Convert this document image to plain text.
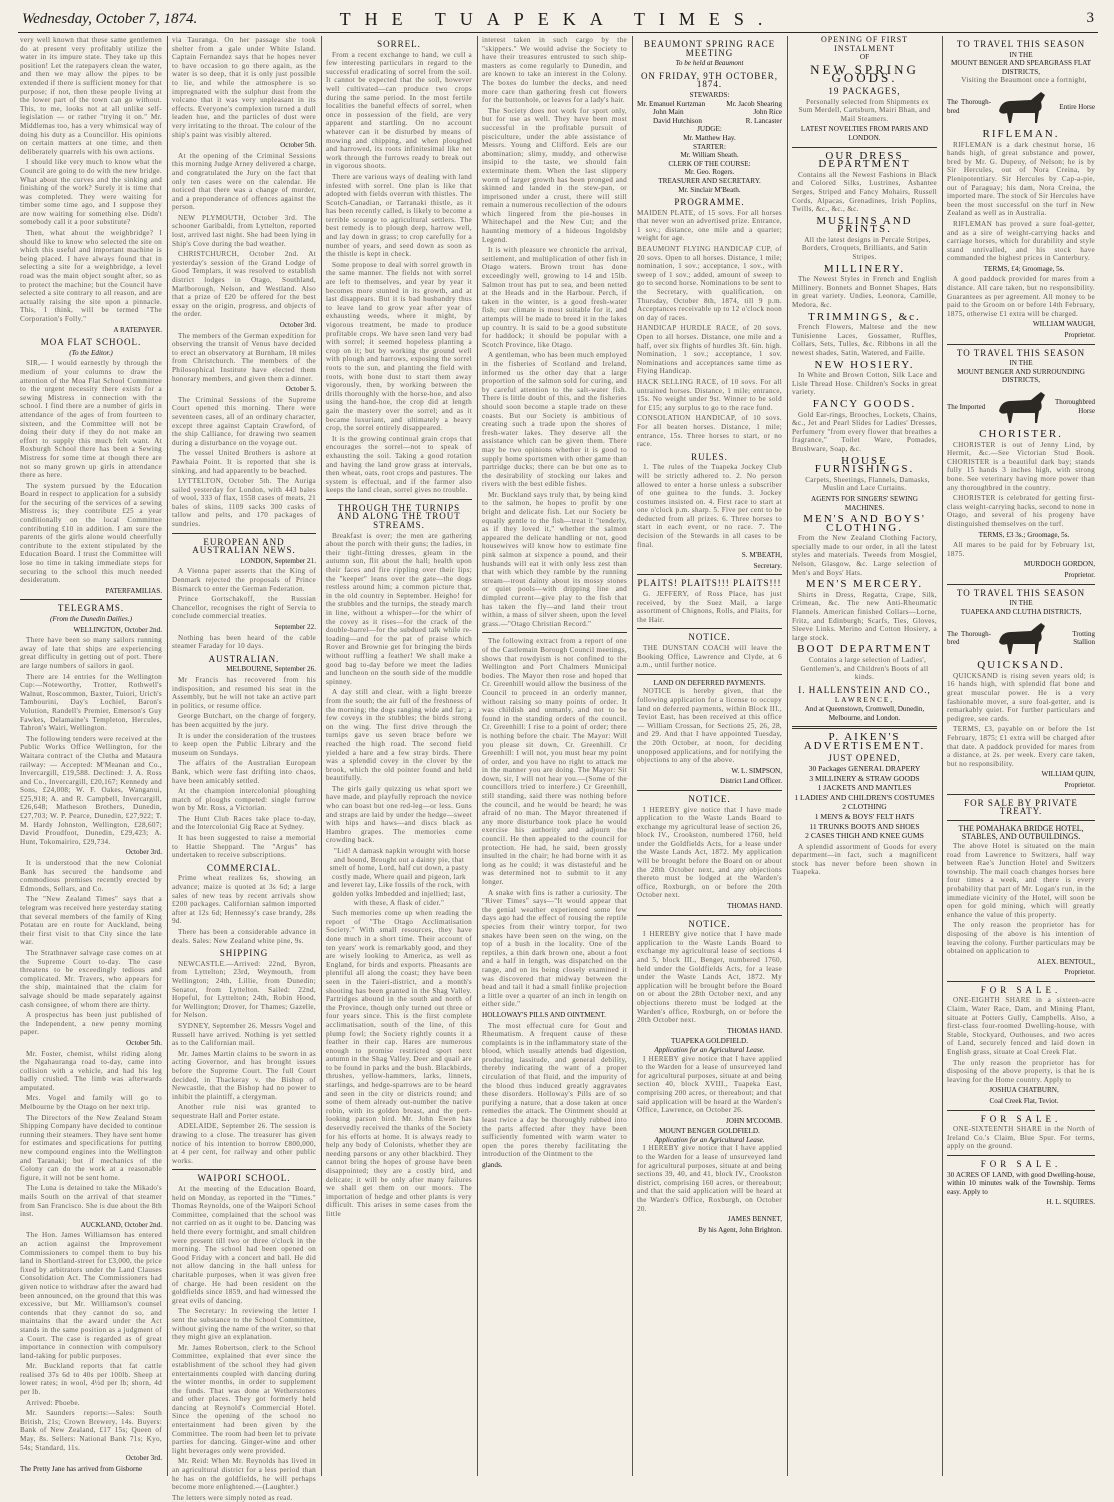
Wednesday, October 7, 1874.	THE TUAPEKA TIMES.	3

very well known that these same gentlemen do at present very profitably utilize the water in its impure state. They take up this position! Let the ratepayers clean the water, and then we may allow the pipes to be extended if there is sufficient money for that purpose; if not, then these people living at the lower part of the town can go without. This, to me, looks not at all unlike self-legislation — or rather "trying it on." Mr. Middlemas too, has a very whimsical way of doing his duty as a Councillor. His opinions on certain matters at one time, and then deliberately quarrels with his own actions.

I should like very much to know what the Council are going to do with the new bridge. What about the curves and the sinking and finishing of the work? Surely it is time that was completed. They were waiting for timber some time ago, and I suppose they are now waiting for something else. Didn't somebody call it a poor substitute?

Then, what about the weighbridge? I should like to know who selected the site on which this useful and important machine is being placed. I have always found that in selecting a site for a weighbridge, a level road was the main object sought after, so as to protect the machine; but the Council have selected a site contrary to all reason, and are actually raising the site upon a pinnacle. This, I think, will be termed "The Corporation's Folly."

A RATEPAYER.

MOA FLAT SCHOOL.
(To the Editor.)

SIR,— I would earnestly by through the medium of your columns to draw the attention of the Moa Flat School Committee to the urgent necessity there exists for a sewing Mistress in connection with the school. I find there are a number of girls in attendance of the ages of from fourteen to sixteen, and the Committee will not be doing their duty if they do not make an effort to supply this much felt want. At Roxburgh School there has been a Sewing Mistress for some time at though there are not so many grown up girls in attendance there as here.

The system pursued by the Education Board in respect to application for a subsidy for the securing of the services of a sewing Mistress is; they contribute £25 a year conditionally on the local Committee contributing £10 in addition. I am sure the parents of the girls alone would cheerfully contribute to the extent stipulated by the Education Board. I trust the Committee will lose no time in taking immediate steps for securing to the school this much needed desideratum.

PATERFAMILIAS.

TELEGRAMS.
(From the Dunedin Dailies.)

WELLINGTON, October 2nd.

There have been so many sailors running away of late that ships are experiencing great difficulty in getting out of port. There are large numbers of sailors in gaol.

There are 14 entries for the Wellington Cup:—Noteworthy, Trotter, Rothwell's Walnut, Roscommon, Baxter, Tuiori, Urich's Tambourini, Day's Lochiel, Baron's Volution, Randell's Premier, Emerson's Guy Fawkes, Delamaine's Templeton, Hercules, Tabron's Wairi, Wellington.

The following tenders were received at the Public Works Office Wellington, for the Waitara contract of the Clutha and Mataura railway: — Accepted: M'Meanan and Co., Invercargill, £19,588. Declined: J. A. Ross and Co., Invercargill, £20,167; Kennedy and Sons, £24,008; W. F. Oakes, Wanganui, £25,918; A. and R. Campbell, Invercargill, £26,648; Matheson Brothers, Dunedin, £27,703; W. P. Pearce, Dunedin, £27,922; T. M. Hardy Johnston, Wellington, £28,607; David Proudfoot, Dunedin, £29,423; A. Hunt, Tokomairiro, £29,734.

October 3rd.

It is understood that the new Colonial Bank has secured the handsome and commodious premises recently erected by Edmonds, Sellars, and Co.

The "New Zealand Times" says that a telegram was received here yesterday stating that several members of the family of King Potatau are en route for Auckland, being their first visit to that City since the late war.

The Strathnaver salvage case comes on at the Supreme Court to-day. The case threatens to be exceedingly tedious and complicated. Mr. Travers, who appears for the ship, maintained that the claim for salvage should be made separately against cash consignee, of whom there are thirty.

A prospectus has been just published of the Independent, a new penny morning paper.

October 5th.

Mr. Foster, chemist, whilst riding along the Ngahauranga road to-day, came into collision with a vehicle, and had his leg badly crushed. The limb was afterwards amputated.

Mrs. Vogel and family will go to Melbourne by the Otago on her next trip.

The Directors of the New Zealand Steam Shipping Company have decided to continue running their steamers. They have sent home for estimates and specifications for putting new compound engines into the Wellington and Taranaki; but if mechanics of the Colony can do the work at a reasonable figure, it will not be sent home.

The Luna is detained to take the Mikado's mails South on the arrival of that steamer from San Francisco. She is due about the 8th inst.

AUCKLAND, October 2nd.

The Hon. James Williamson has entered an action against the Improvement Commissioners to compel them to buy his land in Shortland-street for £3,000, the price fixed by arbitrators under the Land Clauses Consolidation Act. The Commissioners had given notice to withdraw after the award had been announced, on the ground that this was excessive, but Mr. Williamson's counsel contends that they cannot do so, and maintains that the award under the Act stands in the same position as a judgment of a Court. The case is regarded as of great importance in connection with compulsory land-taking for public purposes.

Mr. Buckland reports that fat cattle realised 37s 6d to 40s per 100lb. Sheep at lower rates; in wool, 4½d per lb; shorn, 4d per lb.

Arrived: Phoebe.

Mr. Saunders reports:—Sales: South British, 21s; Crown Brewery, 14s. Buyers: Bank of New Zealand, £17 15s; Queen of May, 8s. Sellers: National Bank 71s; Kyo, 54s; Standard, 11s.

October 3rd.

The Pretty Jane has arrived from Gisborne

via Tauranga. On her passage she took shelter from a gale under White Island. Captain Fernandez says that he hopes never to have occasion to go there again, as the water is so deep, that it is only just possible to lie, and while the atmosphere is so impregnated with the sulphur dust from the volcano that it was very unpleasant in its effects. Everyone's complexion turned a dull leaden hue, and the particles of dust were very irritating to the throat. The colour of the ship's paint was visibly altered.

October 5th.

At the opening of the Criminal Sessions this morning Judge Arney delivered a charge, and congratulated the Jury on the fact that only ten cases were on the calendar. He noticed that there was a change of murder, and a preponderance of offences against the person.

NEW PLYMOUTH, October 3rd. The schooner Garibaldi, from Lyttelton, reported lost, arrived last night. She had been lying in Ship's Cove during the bad weather.

CHRISTCHURCH, October 2nd. At yesterday's session of the Grand Lodge of Good Templars, it was resolved to establish district lodges in Otago, Southland, Marlborough, Nelson, and Westland. Also that a prize of £20 be offered for the best essay on the origin, progress, and objects of the order.

October 3rd.

The members of the German expedition for observing the transit of Venus have decided to erect an observatory at Burnham, 18 miles from Christchurch. The members of the Philosophical Institute have elected them honorary members, and given them a dinner.

October 5.

The Criminal Sessions of the Supreme Court opened this morning. There were seventeen cases, all of an ordinary character, except three against Captain Crawford, of the ship Calliance, for drawing two seamen during a disturbance on the voyage out.

The vessel United Brothers is ashore at Pawhaia Point. It is reported that she is sinking, and had apparently to be beached.

LYTTELTON, October 5th. The Auriga sailed yesterday for London, with 443 bales of wool, 333 of flax, 1558 cases of meats, 21 bales of skins, 1109 sacks 300 casks of tallow and pelts, and 170 packages of sundries.

EUROPEAN AND AUSTRALIAN NEWS.

LONDON, September 21.

A Vienna paper asserts that the King of Denmark rejected the proposals of Prince Bismarck to enter the German Federation.

Prince Gortschakoff, the Russian Chancellor, recognises the right of Servia to conclude commercial treaties.

September 22.

Nothing has been heard of the cable steamer Faraday for 10 days.

AUSTRALIAN.

MELBOURNE, September 26.

Mr Francis has recovered from his indisposition, and resumed his seat in the Assembly, but he will not take an active part in politics, or resume office.

George Butchart, on the charge of forgery, has been acquitted by the jury.

It is under the consideration of the trustees to keep open the Public Library and the museum on Sundays.

The affairs of the Australian European Bank, which were fast drifting into chaos, have been amicably settled.

At the champion intercolonial ploughing match of ploughs competed: single furrow won by Mr. Ross, a Victorian.

The Hunt Club Races take place to-day, and the Intercolonial Gig Race at Sydney.

It has been suggested to raise a memorial to Hattie Sheppard. The "Argus" has undertaken to receive subscriptions.

COMMERCIAL.

Prime wheat realizes 6s, showing an advance; maize is quoted at 3s 6d; a large sales of new teas by recent arrivals show £200 packages. Californian salmon imported after at 12s 6d; Hennessy's case brandy, 28s 9d.

There has been a considerable advance in deals. Sales: New Zealand white pine, 9s.

SHIPPING

NEWCASTLE.—Arrived: 22nd, Byron, from Lyttelton; 23rd, Weymouth, from Wellington; 24th, Lillie, from Dunedin; Senator, from Lyttelton. Sailed: 22nd, Hopeful, for Lyttelton; 24th, Robin Hood, for Wellington; Drover, for Thames; Gazelle, for Nelson.

SYDNEY, September 26. Messrs Vogel and Russell have arrived. Nothing is yet settled as to the Californian mail.

Mr. James Martin claims to be sworn in as acting Governor, and has brought issues before the Supreme Court. The full Court decided, in Thackeray v. the Bishop of Newcastle, that the Bishop had no power to inhibit the plaintiff, a clergyman.

Another rule nisi was granted to sequestrate Hall and Porter estate.

ADELAIDE, September 26. The session is drawing to a close. The treasurer has given notice of his intention to borrow £800,000, at 4 per cent, for railway and other public works.

WAIPORI SCHOOL.

At the meeting of the Education Board, held on Monday, as reported in the "Times." Thomas Reynolds, one of the Waipori School Committee, complained that the school was not carried on as it ought to be. Dancing was held there every fortnight, and small children were present till two or three o'clock in the morning. The school had been opened on Good Friday with a concert and ball. He did not allow dancing in the hall unless for charitable purposes, when it was given free of charge. He had been resident on the goldfields since 1859, and had witnessed the great evils of dancing.

The Secretary: In reviewing the letter I sent the substance to the School Committee, without giving the name of the writer, so that they might give an explanation.

Mr. James Robertson, clerk to the School Committee, explained that ever since the establishment of the school they had given entertainments coupled with dancing during the winter months, in order to supplement the funds. That was done at Wetherstones and other places. They got formerly held dancing at Reynold's Commercial Hotel. Since the opening of the school no entertainment had been given by the Committee. The room had been let to private parties for dancing. Ginger-wine and other light beverages only were provided.

Mr. Reid: When Mr. Reynolds has lived in an agricultural district for a less period than he has on the goldfields, he will perhaps become more enlightened.—(Laughter.)

The letters were simply noted as read.

SORREL.

From a recent exchange to hand, we cull a few interesting particulars in regard to the successful eradicating of sorrel from the soil. It cannot be expected that the soil, however well cultivated—can produce two crops during the same period. In the most fertile localities the baneful effects of sorrel, when once in possession of the field, are very apparent and startling. On no account whatever can it be disturbed by means of mowing and chipping, and when ploughed and harrowed, its roots infinitesimal like net work through the furrows ready to break out in vigorous shoots.

There are various ways of dealing with land infested with sorrel. One plan is like that adopted with fields overrun with thistles. The Scotch-Canadian, or Tarranaki thistle, as it has been recently called, is likely to become a terrible scourge to agricultural settlers. The best remedy is to plough deep, harrow well, and lay down in grass; to crop carefully for a number of years, and seed down as soon as the thistle is kept in check.

Some propose to deal with sorrel growth in the same manner. The fields not with sorrel are left to themselves, and year by year it becomes more stunted in its growth, and at last disappears. But it is bad husbandry thus to leave land to grow year after year of exhausting weeds, where it might, by vigorous treatment, be made to produce profitable crops. We have seen land very bad with sorrel; it seemed hopeless planting a crop on it; but by working the ground well with plough and harrows, exposing the sorrel roots to the sun, and planting the field with roots, with bone dust to start them away vigorously, then, by working between the drills thoroughly with the horse-hoe, and also using the hand-hoe, the crop did at length gain the mastery over the sorrel; and as it became luxuriant, and ultimately a heavy crop, the sorrel entirely disappeared.

It is the growing continual grain crops that encourages the sorrel—not to speak of exhausting the soil. Taking a good rotation and having the land grow grass at intervals, then wheat, oats, root crops and pastures. The system is effectual, and if the farmer also keeps the land clean, sorrel gives no trouble.

THROUGH THE TURNIPS AND ALONG THE TROUT STREAMS.

Breakfast is over; the men are gathering about the porch with their guns; the ladies, in their tight-fitting dresses, gleam in the autumn sun, flit about the hall; health upon their faces and fire rippling over their lips; the "keeper" leans over the gate—the dogs restless around him; a common picture that, in the old country in September. Heigho! for the stubbles and the turnips, the steady march in line, without a whisper—for the whirr of the covey as it rises—for the crack of the double-barrel—for the subdued talk while re-loading—and for the pat of praise which Rover and Brownie get for bringing the birds without ruffling a feather! We shall make a good bag to-day before we meet the ladies and luncheon on the south side of the muddle spinney.

A day still and clear, with a light breeze from the south; the air full of the freshness of the morning; the dogs ranging wide and far; a few coveys in the stubbles; the birds strong on the wing. The first drive through the turnips gave us seven brace before we reached the high road. The second field yielded a hare and a few stray birds. There was a splendid covey in the clover by the brook, which the old pointer found and held beautifully.

The girls gaily quizzing us what sport we have made, and playfully reproach the novice who can boast but one red-leg—or less. Guns and straps are laid by under the hedge—sweet with hips and haws—and discs black as Hambro grapes. The memories come crowding back.

"Lid! A damask napkin wrought with horse and hound, Brought out a dainty pie, that smelt of home, Lord, half cut down, a pasty costly made, Where quail and pigeon, lark and leveret lay, Like fossils of the rock, with golden yolks Imbedded and injellied; last, with these, A flask of cider."

Such memories come up when reading the report of "The Otago Acclimatisation Society." With small resources, they have done much in a short time. Their account of ten years' work is remarkably good, and they are wisely looking to America, as well as England, for birds and exports. Pheasants are plentiful all along the coast; they have been seen in the Taieri-district, and a month's shooting has been granted in the Shag Valley. Partridges abound in the south and north of the Province, though only turned out three or four years since. This is the first complete acclimatisation, south of the line, of this plump fowl; the Society rightly counts it a feather in their cap. Hares are numerous enough to promise restricted sport next autumn in the Shag Valley. Deer and quail are to be found in parks and the bush. Blackbirds, thrushes, yellow-hammers, larks, linnets, starlings, and hedge-sparrows are to be heard and seen in the city or districts round; and some of them already out-number the native robin, with its golden breast, and the pert-looking parson bird. Mr. John Ewen has deservedly received the thanks of the Society for his efforts at home. It is always ready to help any body of Colonists, whether they are needing parsons or any other blackbird. They cannot bring the hopes of grouse have been disappointed; they are a costly bird, and delicate; it will be only after many failures we shall get them on our moors. The importation of hedge and other plants is very difficult. This arises in some cases from the little

interest taken in such cargo by the "skippers." We would advise the Society to have their treasures entrusted to such ship-masters as come regularly to Dunedin, and are known to take an interest in the Colony. The boxes do lumber the decks, and need more care than gathering fresh cut flowers for the buttonhole, or leaves for a lady's hair.

The Society does not work for sport only, but for use as well. They have been most successful in the profitable pursuit of pisciculture, under the able assistance of Messrs. Young and Clifford. Eels are our abomination; slimy, muddy, and otherwise insipid to the taste, we should fain exterminate them. When the last slippery worm of larger growth has been pronged and skinned and landed in the stew-pan, or imprisoned under a crust, there will still remain a numerous recollection of the odours which lingered from the pie-houses in Whitechapel and the New Cut; and the haunting memory of a hideous Ingoldsby Legend.

It is with pleasure we chronicle the arrival, settlement, and multiplication of other fish in Otago waters. Brown trout has done exceedingly well, growing to 14 and 15lb. Salmon trout has put to sea, and been netted at the Heads and in the Harbour. Perch, if taken in the winter, is a good fresh-water fish; our climate is most suitable for it, and attempts will be made to breed it in the lakes up country. It is said to be a good substitute for haddock; it should be popular with a Scotch Province, like Otago.

A gentleman, who has been much employed in the fisheries of Scotland and Ireland, informed us the other day that a large proportion of the salmon sold for curing, and by careful attention to the salt-water fish. There is little doubt of this, and the fisheries should soon become a staple trade on these coasts. But our Society is ambitious of creating such a trade upon the shores of fresh-water lakes. They deserve all the assistance which can be given them. There may be two opinions whether it is good to supply home sportsmen with other game than partridge ducks; there can be but one as to the desirability of stocking our lakes and rivers with the best edible fishes.

Mr. Buckland says truly that, by being kind to the salmon, he hopes to profit by one bright and delicate fish. Let our Society be equally gentle to the fish—treat it "tenderly, as if they loved it," whether the salmon appeared the delicate handling or not, good housewives will know how to estimate fine pink salmon at sixpence a pound, and their husbands will eat it with only less zest than that with which they ramble by the running stream—trout dainty about its mossy stones or quiet pools—with dripping line and dimpled current—give play to the fish that has taken the fly—and land their trout within, a mass of silver sheen, upon the level grass.—"Otago Christian Record."

The following extract from a report of one of the Castlemain Borough Council meetings, shows that rowdyism is not confined to the Wellington and Port Chalmers Municipal bodies. The Mayor then rose and hoped that Cr. Greenhill would allow the business of the Council to proceed in an orderly manner, without raising so many points of order. It was childish and unmanly, and not to be found in the standing orders of the council. Cr. Greenhill: I rise to a point of order; there is nothing before the chair. The Mayor: Will you please sit down, Cr. Greenhill. Cr Greenhill: I will not, you must hear my point of order, and you have no right to attack me in the manner you are doing. The Mayor: Sit down, sir, I will not hear you.—(Some of the councillors tried to interfere.) Cr Greenhill, still standing, said there was nothing before the council, and he would be heard; he was afraid of no man. The Mayor threatened if any more disturbance took place he would exercise his authority and adjourn the council. He then appealed to the council for protection. He had, he said, been grossly insulted in the chair; he had borne with it as long as he could; it was distasteful and he was determined not to submit to it any longer.

A snake with fins is rather a curiosity. The "River Times" says—"It would appear that the genial weather experienced some few days ago had the effect of rousing the reptile species from their wintry torpor, for two snakes have been seen on the wing, on the top of a bush in the locality. One of the reptiles, a thin dark brown one, about a foot and a half in length, was dispatched on the range, and on its being closely examined it was discovered that midway between the head and tail it had a small finlike projection a little over a quarter of an inch in length on either side."

HOLLOWAY'S PILLS AND OINTMENT.

The most effectual cure for Gout and Rheumatism. A frequent cause of these complaints is in the inflammatory state of the blood, which usually attends bad digestion, producing lassitude, and general debility, thereby indicating the want of a proper circulation of that fluid, and the impurity of the blood thus induced greatly aggravates these disorders. Holloway's Pills are of so purifying a nature, that a dose taken at once remedies the attack. The Ointment should at least twice a day be thoroughly rubbed into the parts affected after they have been sufficiently fomented with warm water to open the pores thereby facilitating the introduction of the Ointment to the

glands.

BEAUMONT SPRING RACE MEETING
To be held at Beaumont
ON FRIDAY, 9TH OCTOBER, 1874.
STEWARDS:
Mr. Emanuel Kurtzman	Mr. Jacob Shearing
John Main	John Rice
David Hutchison	R. Lancaster
JUDGE:
Mr. Matthew Hay.
STARTER:
Mr. William Sheath.
CLERK OF THE COURSE:
Mr. Geo. Rogers.
TREASURER AND SECRETARY.
Mr. Sinclair M'Beath.
PROGRAMME.

MAIDEN PLATE, of 15 sovs. For all horses that never won an advertised prize. Entrance, 1 sov.; distance, one mile and a quarter; weight for age.

BEAUMONT FLYING HANDICAP CUP, of 20 sovs. Open to all horses. Distance, 1 mile; nomination, 1 sov.; acceptance, 1 sov., with sweep of 1 sov.; added, amount of sweep to go to second horse. Nominations to be sent to the Secretary, with qualification, on Thursday, October 8th, 1874, till 9 p.m. Acceptances receivable up to 12 o'clock noon on day of races.

HANDICAP HURDLE RACE, of 20 sovs. Open to all horses. Distance, one mile and a half, over six flights of hurdles 3ft. 6in. high. Nomination, 1 sov.; acceptance, 1 sov. Nominations and acceptances same time as Flying Handicap.

HACK SELLING RACE, of 10 sovs. For all untrained horses. Distance, 1 mile; entrance, 15s. No weight under 9st. Winner to be sold for £15; any surplus to go to the race fund.

CONSOLATION HANDICAP, of 10 sovs. For all beaten horses. Distance, 1 mile; entrance, 15s. Three horses to start, or no race.

RULES.

1. The rules of the Tuapeka Jockey Club will be strictly adhered to. 2. No person allowed to enter a horse unless a subscriber of one guinea to the funds. 3. Jockey costumes insisted on. 4. First race to start at one o'clock p.m. sharp. 5. Five per cent to be deducted from all prizes. 6. Three horses to start in each event, or no race. 7. The decision of the Stewards in all cases to be final.

S. M'BEATH,

Secretary.

PLAITS! PLAITS!!! PLAITS!!!

G. JEFFERY, of Ross Place, has just received, by the Suez Mail, a large assortment of Chignons, Rolls, and Plaits, for the Hair.

NOTICE.

THE DUNSTAN COACH will leave the Booking Office, Lawrence and Clyde, at 6 a.m., until further notice.

LAND ON DEFERRED PAYMENTS.

NOTICE is hereby given, that the following application for a license to occupy land on deferred payments, within Block III., Teviot East, has been received at this office— William Crossan, for Sections 25, 26, 28, and 29. And that I have appointed Tuesday, the 20th October, at noon, for deciding unopposed applications, and for notifying the objections to any of the above.

W. L. SIMPSON,

District Land Officer.

NOTICE.

I HEREBY give notice that I have made application to the Waste Lands Board to exchange my agricultural lease of section 26, block IV., Crookston, numbered 1760, held under the Goldfields Acts, for a lease under the Waste Lands Act, 1872. My application will be brought before the Board on or about the 28th October next, and any objections thereto must be lodged at the Warden's office, Roxburgh, on or before the 20th October next.

THOMAS HAND.

NOTICE.

I HEREBY give notice that I have made application to the Waste Lands Board to exchange my agricultural lease of sections 4 and 5, block III., Benger, numbered 1760, held under the Goldfields Acts, for a lease under the Waste Lands Act, 1872. My application will be brought before the Board on or about the 28th October next, and any objections thereto must be lodged at the Warden's office, Roxburgh, on or before the 20th October next.

THOMAS HAND.

TUAPEKA GOLDFIELD.
Application for an Agricultural Lease.

I HEREBY give notice that I have applied to the Warden for a lease of unsurveyed land for agricultural purposes, situate at and being section 40, block XVIII., Tuapeka East, comprising 200 acres, or thereabout; and that said application will be heard at the Warden's Office, Lawrence, on October 26.

JOHN M'COOMB.

MOUNT BENGER GOLDFIELD.
Application for an Agricultural Lease.

I HEREBY give notice that I have applied to the Warden for a lease of unsurveyed land for agricultural purposes, situate at and being sections 39, 40, and 41, block IV., Crookston district, comprising 160 acres, or thereabout; and that the said application will be heard at the Warden's Office, Roxburgh, on October 20.

JAMES BENNET,

By his Agent, John Brighton.

OPENING OF FIRST INSTALMENT
OF
NEW SPRING GOODS.
19 PACKAGES,

Personally selected from Shipments ex Sum Merdell, Cartsburn, Mairi Bhan, and Mail Steamers.

LATEST NOVELTIES FROM PARIS AND LONDON.
OUR DRESS DEPARTMENT

Contains all the Newest Fashions in Black and Colored Silks, Lustrines, Ashantee Serges, Striped and Fancy Mohairs, Russell Cords, Alpacas, Grenadines, Irish Poplins, Twills, &c., &c., &c.

MUSLINS AND PRINTS.

All the latest designs in Percale Stripes, Borders, Croquets, Brilliants, and Satin Stripes.

MILLINERY.

The Newest Styles in French and English Millinery. Bonnets and Bonnet Shapes, Hats in great variety. Undies, Leonora, Camille, Medora, &c.

TRIMMINGS, &c.

French Flowers, Maltese and the new Tunisienne Laces, Gossamer, Ruffles, Collars, Sets, Tulles, &c. Ribbons in all the newest shades, Satin, Watered, and Faille.

NEW HOSIERY.

In White and Brown Cotton, Silk Lace and Lisle Thread Hose. Children's Socks in great variety.

FANCY GOODS.

Gold Ear-rings, Brooches, Lockets, Chains, &c., Jet and Pearl Slides for Ladies' Dresses, Perfumery "from every flower that breathes a fragrance," Toilet Ware, Pomades, Brushware, Soap, &c.

HOUSE FURNISHINGS.

Carpets, Sheetings, Flannels, Damasks, Muslin and Lace Curtains.

AGENTS FOR SINGERS' SEWING MACHINES.
MEN'S AND BOYS' CLOTHING.

From the New Zealand Clothing Factory, specially made to our order, in all the latest styles and materials. Tweeds from Mosgiel, Nelson, Glasgow, &c. Large selection of Men's and Boys' Hats.

MEN'S MERCERY.

Shirts in Dress, Regatta, Crape, Silk, Crimean, &c. The new Anti-Rheumatic Flannels. American finished Collars—Lorne, Fritz, and Edinburgh; Scarfs, Ties, Gloves, Sleeve Links. Merino and Cotton Hosiery, a large stock.

BOOT DEPARTMENT

Contains a large selection of Ladies', Gentlemen's, and Children's Boots of all kinds.

I. HALLENSTEIN AND CO.,
LAWRENCE,
And at Queenstown, Cromwell, Dunedin, Melbourne, and London.
P. AIKEN'S ADVERTISEMENT.
JUST OPENED,
30 Packages GENERAL DRAPERY
3 MILLINERY & STRAW GOODS
1 JACKETS AND MANTLES
1 LADIES' AND CHILDREN'S COSTUMES
2 CLOTHING
1 MEN'S & BOYS' FELT HATS
11 TRUNKS BOOTS AND SHOES
2 CASES THIGH AND KNEE GUMS

A splendid assortment of Goods for every department—in fact, such a magnificent stock has never before been shown in Tuapeka.

TO TRAVEL THIS SEASON
IN THE
MOUNT BENGER AND SPEARGRASS FLAT DISTRICTS,

Visiting the Beaumont once a fortnight,

The Thorough-bred
Entire Horse
RIFLEMAN.

RIFLEMAN is a dark chestnut horse, 16 hands high, of great substance and power, bred by Mr. G. Dupeuy, of Nelson; he is by Sir Hercules, out of Nora Creina, by Plenipotentiary. Sir Hercules by Cap-a-pie, out of Paraguay; his dam, Nora Creina, the imported mare. The stock of Sir Hercules have been the most successful on the turf in New Zealand as well as in Australia.

RIFLEMAN has proved a sure foal-getter, and as a sire of weight-carrying hacks and carriage horses, which for durability and style stand unrivalled, and his stock have commanded the highest prices in Canterbury.

TERMS, £4; Groomage, 5s.

A good paddock provided for mares from a distance. All care taken, but no responsibility. Guarantees as per agreement. All money to be paid to the Groom on or before 14th February, 1875, otherwise £1 extra will be charged.

WILLIAM WAUGH,

Proprietor.

TO TRAVEL THIS SEASON
IN THE
MOUNT BENGER AND SURROUNDING DISTRICTS,
The Imported
Thoroughbred Horse
CHORISTER.

CHORISTER is out of Jenny Lind, by Hermit, &c.—See Victorian Stud Book. CHORISTER is a beautiful dark bay; stands fully 15 hands 3 inches high, with strong bone. See veterinary having more power than any thoroughbred in the country.

CHORISTER is celebrated for getting first-class weight-carrying hacks, second to none in Otago, and several of his progeny have distinguished themselves on the turf.

TERMS, £3 3s.; Groomage, 5s.

All mares to be paid for by February 1st, 1875.

MURDOCH GORDON,

Proprietor.

TO TRAVEL THIS SEASON
IN THE
TUAPEKA AND CLUTHA DISTRICTS,
The Thorough-bred
Trotting Stallion
QUICKSAND.

QUICKSAND is rising seven years old; is 16 hands high, with splendid flat bone and great muscular power. He is a very fashionable mover, a sure foal-getter, and is remarkably quiet. For further particulars and pedigree, see cards.

TERMS, £3, payable on or before the 1st February, 1875; £1 extra will be charged after that date. A paddock provided for mares from a distance, at 2s. per week. Every care taken, but no responsibility.

WILLIAM QUIN,

Proprietor.

FOR SALE BY PRIVATE TREATY.
THE POMAHAKA BRIDGE HOTEL, STABLES, AND OUTBUILDINGS.

The above Hotel is situated on the main road from Lawrence to Switzers, half way between Rae's Junction Hotel and Switzers township. The mail coach changes horses here four times a week, and there is every probability that part of Mr. Logan's run, in the immediate vicinity of the Hotel, will soon be open for gold mining, which will greatly enhance the value of this property.

The only reason the proprietor has for disposing of the above is his intention of leaving the colony. Further particulars may be obtained on application to

ALEX. BENTOUL,

Proprietor.

FOR SALE.

ONE-EIGHTH SHARE in a sixteen-acre Claim, Water Race, Dam, and Mining Plant, situate at Potters Gully, Campbells. Also, a first-class four-roomed Dwelling-house, with Stable, Stockyard, Outhouses, and two acres of Land, securely fenced and laid down in English grass, situate at Coal Creek Flat.

The only reason the proprietor has for disposing of the above property, is that he is leaving for the Home country. Apply to

JOSHUA CHATBURN,

Coal Creek Flat, Teviot.

FOR SALE.

ONE-SIXTEENTH SHARE in the North of Ireland Co.'s Claim, Blue Spur. For terms, apply on the ground.

FOR SALE.

30 ACRES OF LAND, with good Dwelling-house, within 10 minutes walk of the Township. Terms easy. Apply to

H. L. SQUIRES.
